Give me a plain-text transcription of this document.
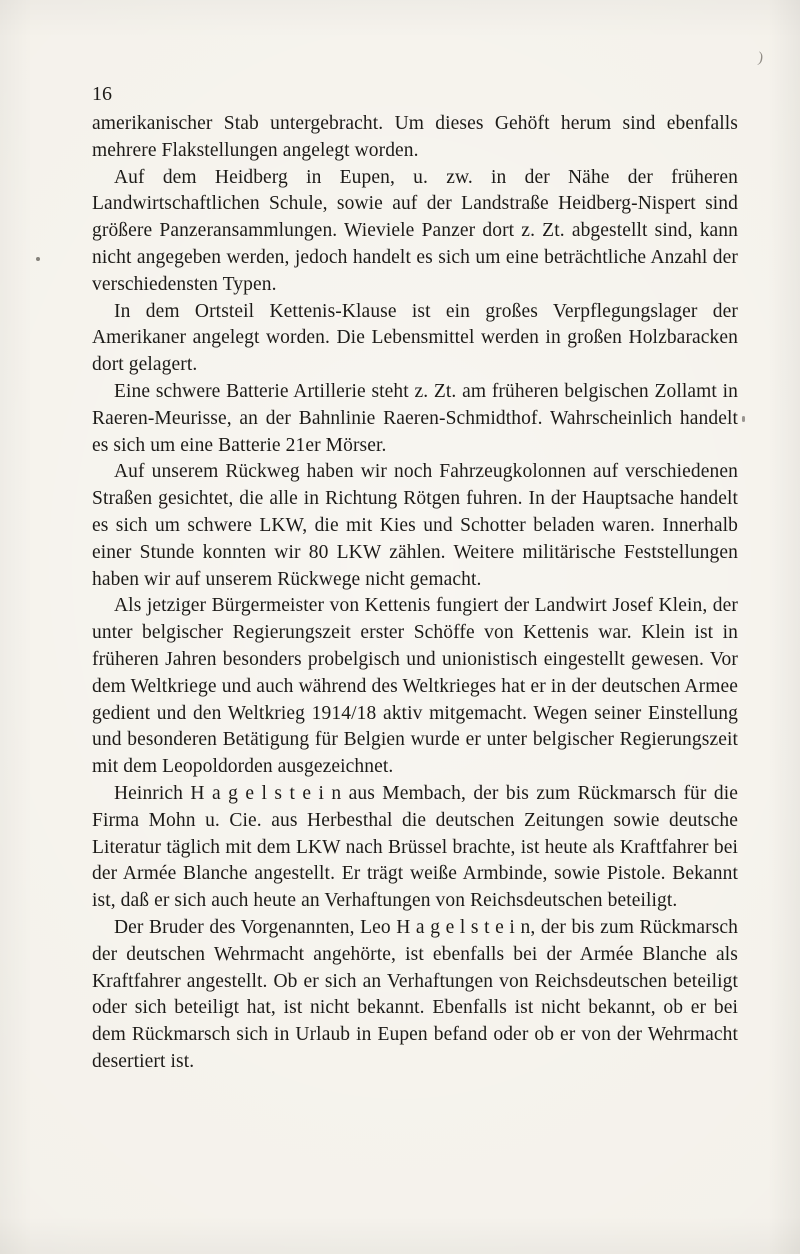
)
16

amerikanischer Stab untergebracht. Um dieses Gehöft herum sind ebenfalls mehrere Flakstellungen angelegt worden.

Auf dem Heidberg in Eupen, u. zw. in der Nähe der früheren Landwirtschaftlichen Schule, sowie auf der Landstraße Heidberg-Nispert sind größere Panzeransammlungen. Wieviele Panzer dort z. Zt. abgestellt sind, kann nicht angegeben werden, jedoch handelt es sich um eine beträchtliche Anzahl der verschiedensten Typen.

In dem Ortsteil Kettenis-Klause ist ein großes Verpflegungslager der Amerikaner angelegt worden. Die Lebensmittel werden in großen Holzbaracken dort gelagert.

Eine schwere Batterie Artillerie steht z. Zt. am früheren belgischen Zollamt in Raeren-Meurisse, an der Bahnlinie Raeren-Schmidthof. Wahrscheinlich handelt es sich um eine Batterie 21er Mörser.

Auf unserem Rückweg haben wir noch Fahrzeugkolonnen auf verschiedenen Straßen gesichtet, die alle in Richtung Rötgen fuhren. In der Hauptsache handelt es sich um schwere LKW, die mit Kies und Schotter beladen waren. Innerhalb einer Stunde konnten wir 80 LKW zählen. Weitere militärische Feststellungen haben wir auf unserem Rückwege nicht gemacht.

Als jetziger Bürgermeister von Kettenis fungiert der Landwirt Josef Klein, der unter belgischer Regierungszeit erster Schöffe von Kettenis war. Klein ist in früheren Jahren besonders probelgisch und unionistisch eingestellt gewesen. Vor dem Weltkriege und auch während des Weltkrieges hat er in der deutschen Armee gedient und den Weltkrieg 1914/18 aktiv mitgemacht. Wegen seiner Einstellung und besonderen Betätigung für Belgien wurde er unter belgischer Regierungszeit mit dem Leopoldorden ausgezeichnet.

Heinrich H a g e l s t e i n aus Membach, der bis zum Rückmarsch für die Firma Mohn u. Cie. aus Herbesthal die deutschen Zeitungen sowie deutsche Literatur täglich mit dem LKW nach Brüssel brachte, ist heute als Kraftfahrer bei der Armée Blanche angestellt. Er trägt weiße Armbinde, sowie Pistole. Bekannt ist, daß er sich auch heute an Verhaftungen von Reichsdeutschen beteiligt.

Der Bruder des Vorgenannten, Leo H a g e l s t e i n, der bis zum Rückmarsch der deutschen Wehrmacht angehörte, ist ebenfalls bei der Armée Blanche als Kraftfahrer angestellt. Ob er sich an Verhaftungen von Reichsdeutschen beteiligt oder sich beteiligt hat, ist nicht bekannt. Ebenfalls ist nicht bekannt, ob er bei dem Rückmarsch sich in Urlaub in Eupen befand oder ob er von der Wehrmacht desertiert ist.
